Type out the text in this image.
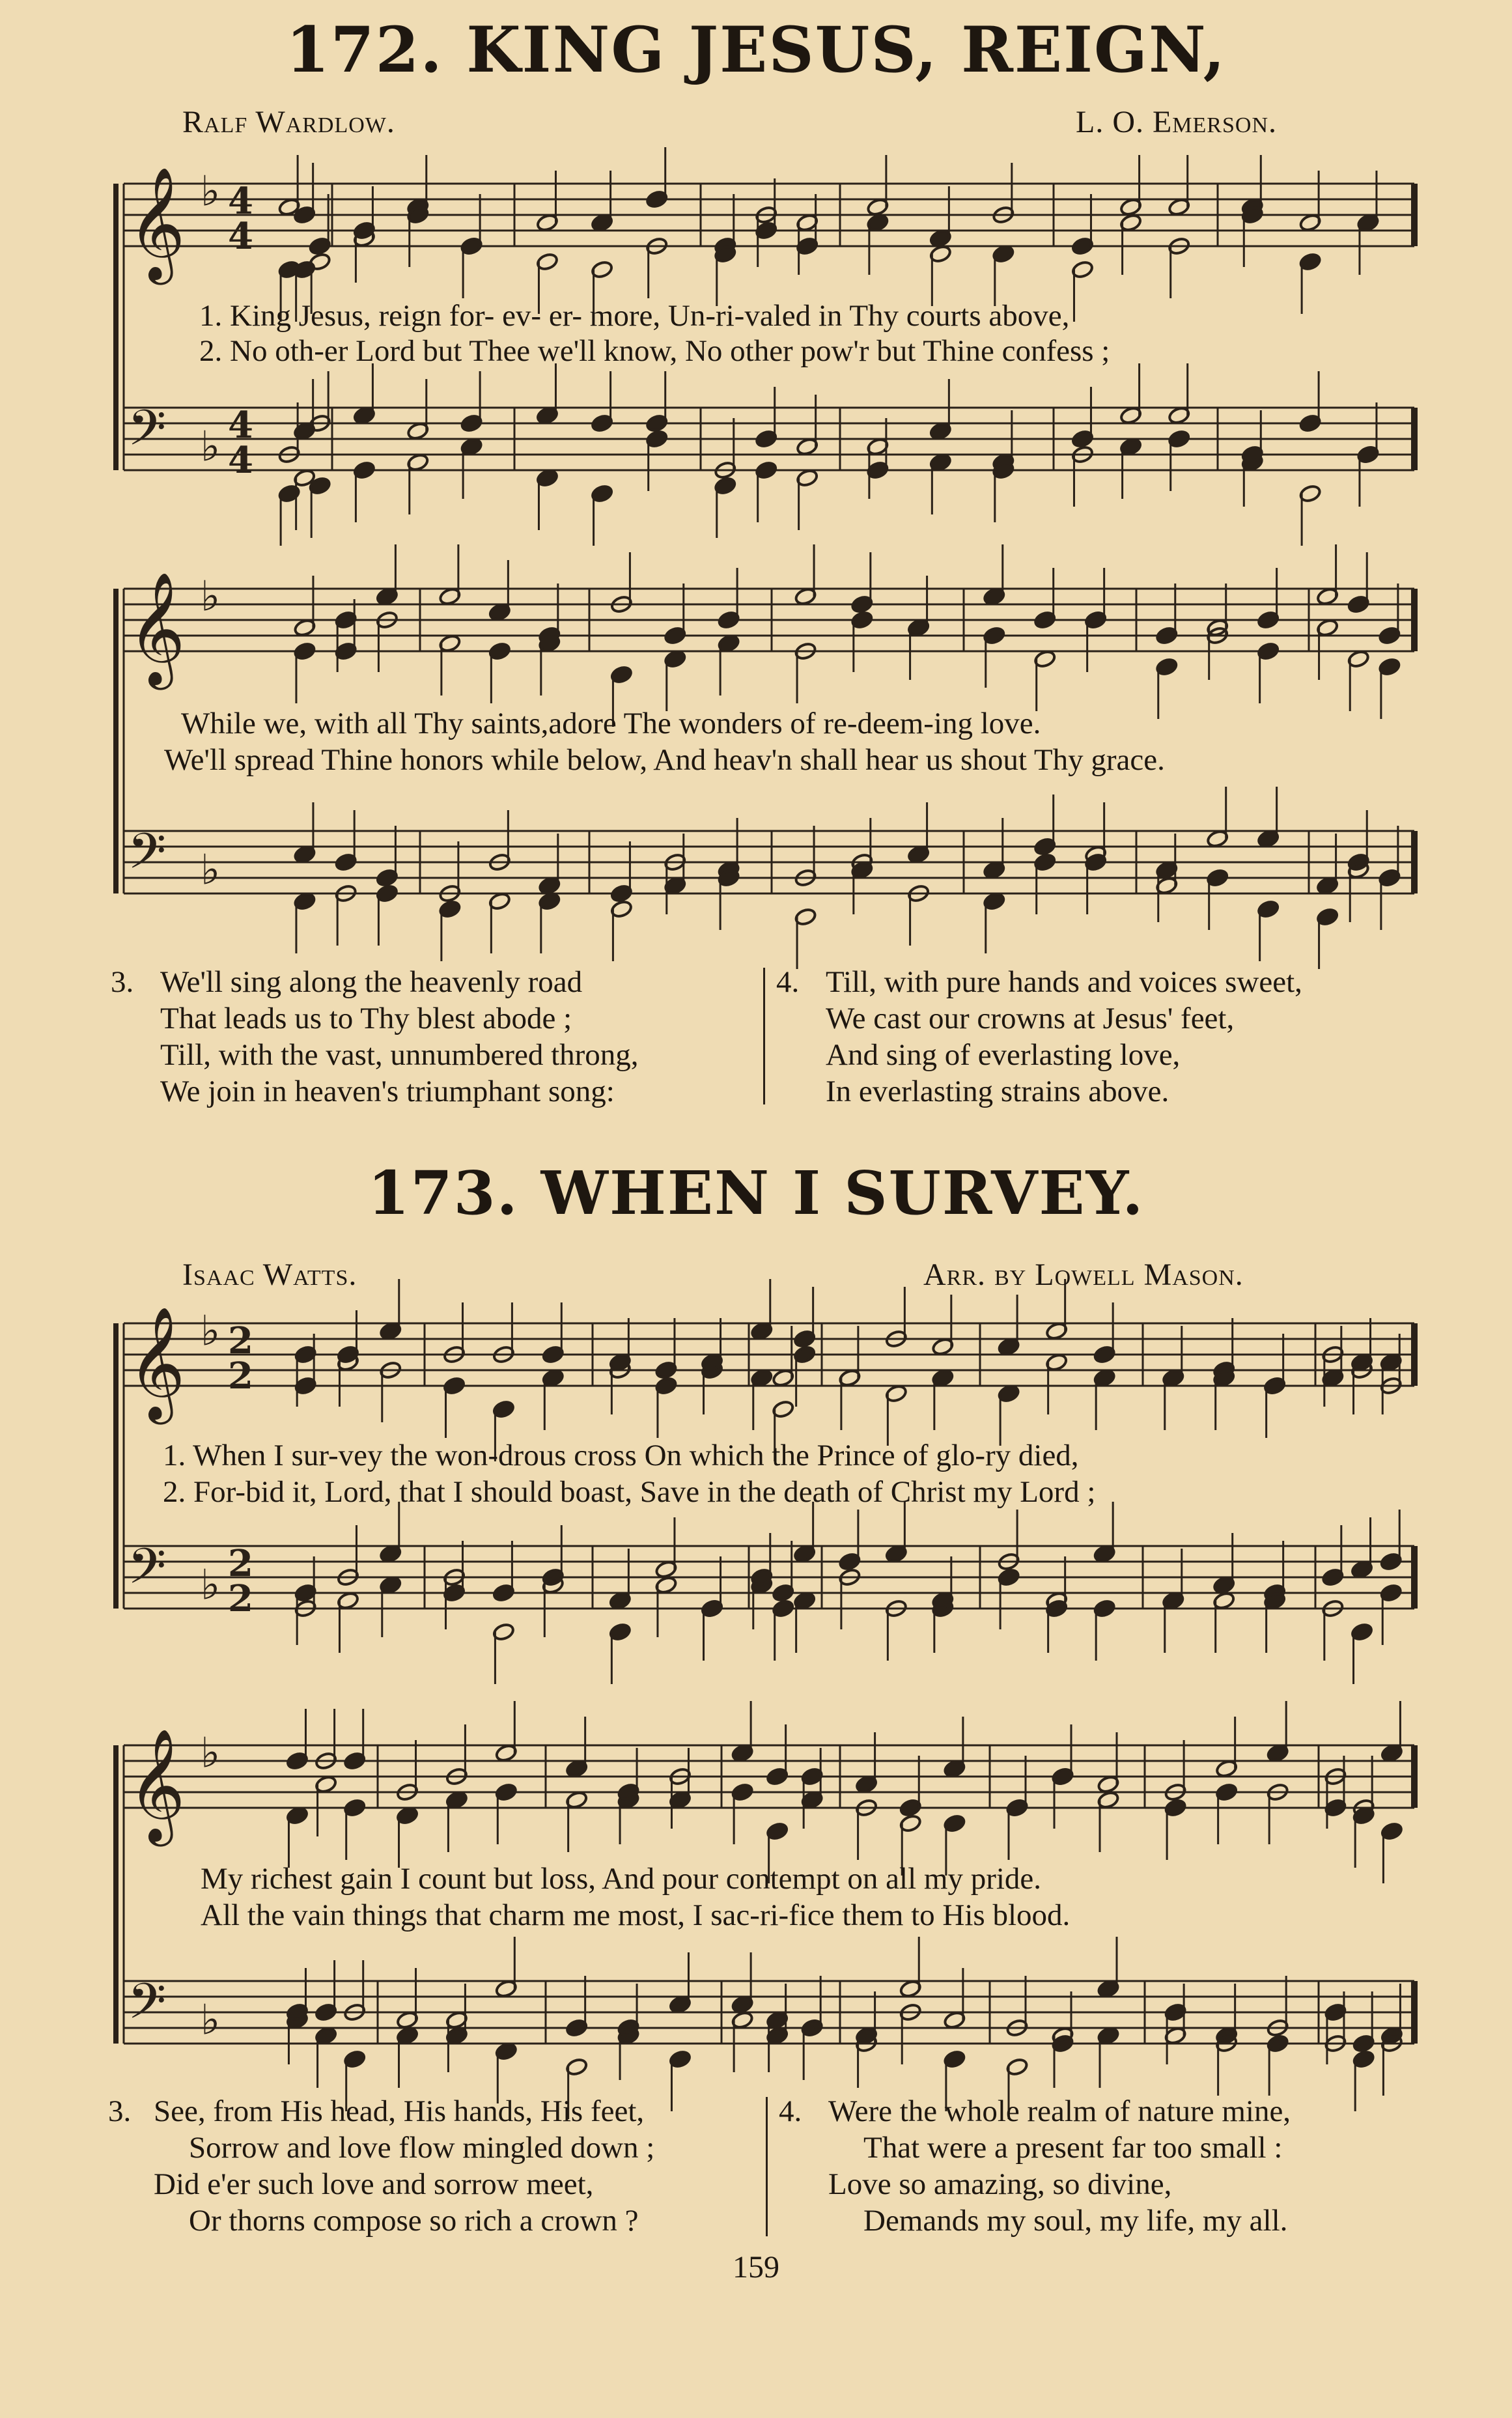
172. KING JESUS, REIGN,
Ralf Wardlow.	L. O. Emerson.
𝄞 ♭ 4
4
𝄢 ♭ 4
4
𝄞 ♭
𝄢 ♭
𝄞 ♭ 2
2
𝄢 ♭ 2
2
𝄞 ♭
𝄢 ♭
1. King Jesus, reign for- ev- er- more, Un-ri-valed in Thy courts above,
2. No oth-er Lord but Thee we'll know, No other pow'r but Thine confess ;
While we, with all Thy saints,adore The wonders of re-deem-ing love.
We'll spread Thine honors while below, And heav'n shall hear us shout Thy grace.
3. We'll sing along the heavenly road
That leads us to Thy blest abode ;
Till, with the vast, unnumbered throng,
We join in heaven's triumphant song:
4. Till, with pure hands and voices sweet,
We cast our crowns at Jesus' feet,
And sing of everlasting love,
In everlasting strains above.
173. WHEN I SURVEY.
Isaac Watts.	Arr. by Lowell Mason.
1. When I sur-vey the won-drous cross On which the Prince of glo-ry died,
2. For-bid it, Lord, that I should boast, Save in the death of Christ my Lord ;
My richest gain I count but loss, And pour contempt on all my pride.
All the vain things that charm me most, I sac-ri-fice them to His blood.
3. See, from His head, His hands, His feet,
Sorrow and love flow mingled down ;
Did e'er such love and sorrow meet,
Or thorns compose so rich a crown ?
4. Were the whole realm of nature mine,
That were a present far too small :
Love so amazing, so divine,
Demands my soul, my life, my all.
159
